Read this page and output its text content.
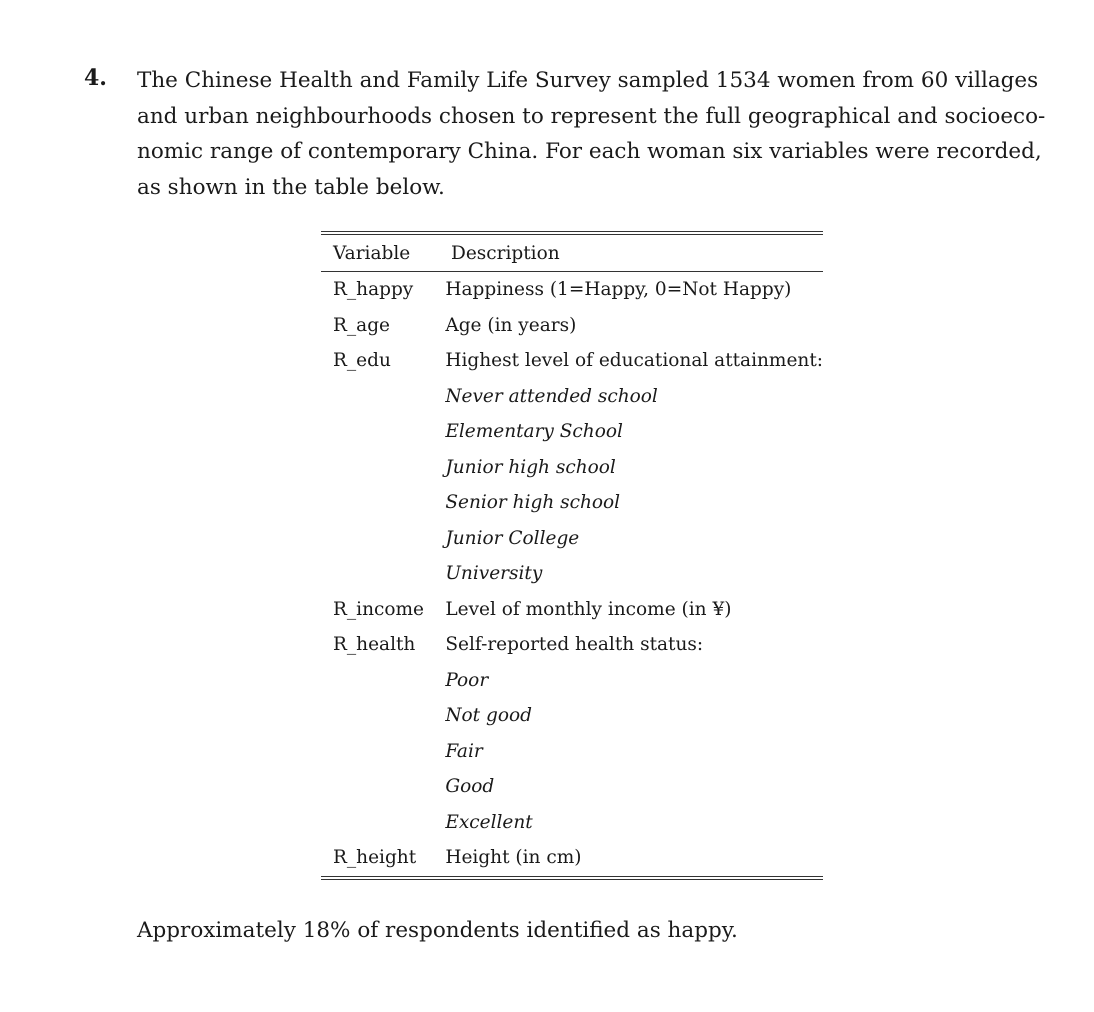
4. The Chinese Health and Family Life Survey sampled 1534 women from 60 villages
and urban neighbourhoods chosen to represent the full geographical and socioeco-
nomic range of contemporary China. For each woman six variables were recorded,
as shown in the table below.

Variable	Description
R_happy	Happiness (1=Happy, 0=Not Happy)
R_age	Age (in years)
R_edu	Highest level of educational attainment:
	Never attended school
	Elementary School
	Junior high school
	Senior high school
	Junior College
	University
R_income	Level of monthly income (in ¥)
R_health	Self-reported health status:
	Poor
	Not good
	Fair
	Good
	Excellent
R_height	Height (in cm)

Approximately 18% of respondents identified as happy.
